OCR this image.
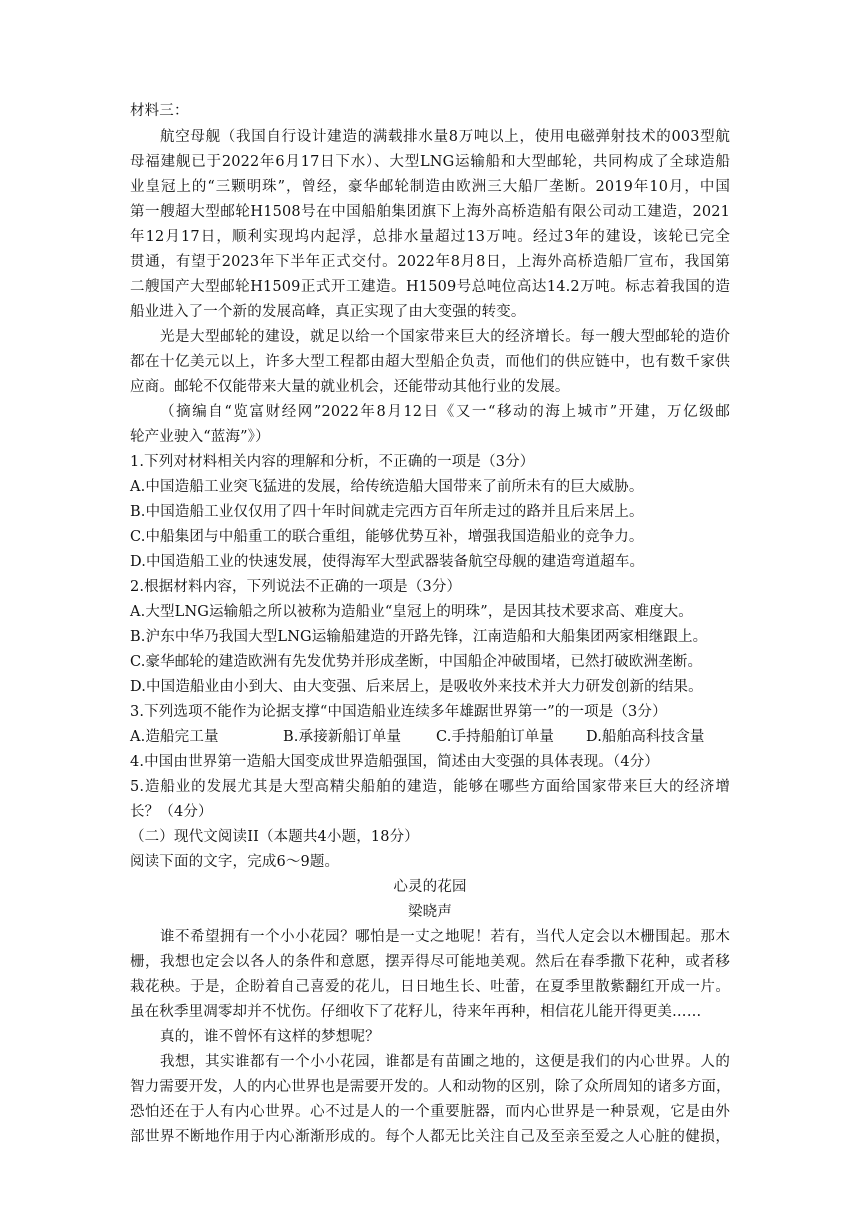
材料三：
航空母舰（我国自行设计建造的满载排水量8万吨以上，使用电磁弹射技术的003型航
母福建舰已于2022年6月17日下水）、大型LNG运输船和大型邮轮，共同构成了全球造船
业皇冠上的“三颗明珠”，曾经，豪华邮轮制造由欧洲三大船厂垄断。2019年10月，中国
第一艘超大型邮轮H1508号在中国船舶集团旗下上海外高桥造船有限公司动工建造，2021
年12月17日，顺利实现坞内起浮，总排水量超过13万吨。经过3年的建设，该轮已完全
贯通，有望于2023年下半年正式交付。2022年8月8日，上海外高桥造船厂宣布，我国第
二艘国产大型邮轮H1509正式开工建造。H1509号总吨位高达14.2万吨。标志着我国的造
船业进入了一个新的发展高峰，真正实现了由大变强的转变。
光是大型邮轮的建设，就足以给一个国家带来巨大的经济增长。每一艘大型邮轮的造价
都在十亿美元以上，许多大型工程都由超大型船企负责，而他们的供应链中，也有数千家供
应商。邮轮不仅能带来大量的就业机会，还能带动其他行业的发展。
（摘编自“览富财经网”2022年8月12日《又一“移动的海上城市”开建，万亿级邮
轮产业驶入“蓝海”》）
1.下列对材料相关内容的理解和分析，不正确的一项是（3分）
A.中国造船工业突飞猛进的发展，给传统造船大国带来了前所未有的巨大威胁。
B.中国造船工业仅仅用了四十年时间就走完西方百年所走过的路并且后来居上。
C.中船集团与中船重工的联合重组，能够优势互补，增强我国造船业的竞争力。
D.中国造船工业的快速发展，使得海军大型武器装备航空母舰的建造弯道超车。
2.根据材料内容，下列说法不正确的一项是（3分）
A.大型LNG运输船之所以被称为造船业“皇冠上的明珠”，是因其技术要求高、难度大。
B.沪东中华乃我国大型LNG运输船建造的开路先锋，江南造船和大船集团两家相继跟上。
C.豪华邮轮的建造欧洲有先发优势并形成垄断，中国船企冲破围堵，已然打破欧洲垄断。
D.中国造船业由小到大、由大变强、后来居上，是吸收外来技术并大力研发创新的结果。
3.下列选项不能作为论据支撑“中国造船业连续多年雄踞世界第一”的一项是（3分）
A.造船完工量	B.承接新船订单量 C.手持船舶订单量 D.船舶高科技含量
4.中国由世界第一造船大国变成世界造船强国，简述由大变强的具体表现。（4分）
5.造船业的发展尤其是大型高精尖船舶的建造，能够在哪些方面给国家带来巨大的经济增
长？（4分）
（二）现代文阅读II（本题共4小题，18分）
阅读下面的文字，完成6～9题。
心灵的花园
梁晓声
谁不希望拥有一个小小花园？哪怕是一丈之地呢！若有，当代人定会以木栅围起。那木
栅，我想也定会以各人的条件和意愿，摆弄得尽可能地美观。然后在春季撒下花种，或者移
栽花秧。于是，企盼着自己喜爱的花儿，日日地生长、吐蕾，在夏季里散紫翻红开成一片。
虽在秋季里凋零却并不忧伤。仔细收下了花籽儿，待来年再种，相信花儿能开得更美……
真的，谁不曾怀有这样的梦想呢？
我想，其实谁都有一个小小花园，谁都是有苗圃之地的，这便是我们的内心世界。人的
智力需要开发，人的内心世界也是需要开发的。人和动物的区别，除了众所周知的诸多方面，
恐怕还在于人有内心世界。心不过是人的一个重要脏器，而内心世界是一种景观，它是由外
部世界不断地作用于内心渐渐形成的。每个人都无比关注自己及至亲至爱之人心脏的健损，
